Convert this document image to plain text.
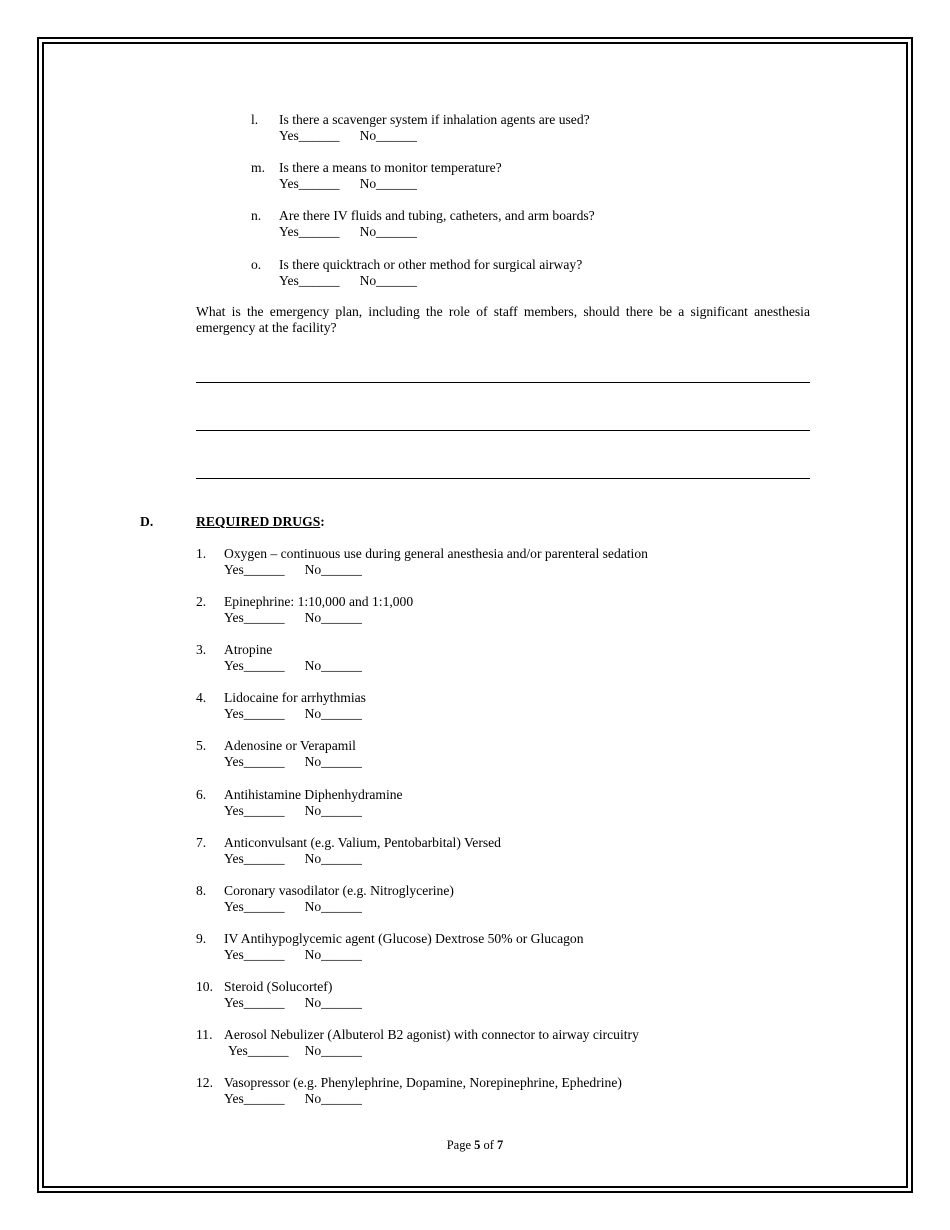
l. Is there a scavenger system if inhalation agents are used?
Yes______ No______
m. Is there a means to monitor temperature?
Yes______ No______
n. Are there IV fluids and tubing, catheters, and arm boards?
Yes______ No______
o. Is there quicktrach or other method for surgical airway?
Yes______ No______
What is the emergency plan, including the role of staff members, should there be a significant anesthesia emergency at the facility?
D.	REQUIRED DRUGS:
1. Oxygen – continuous use during general anesthesia and/or parenteral sedation
Yes______ No______
2. Epinephrine: 1:10,000 and 1:1,000
Yes______ No______
3. Atropine
Yes______ No______
4. Lidocaine for arrhythmias
Yes______ No______
5. Adenosine or Verapamil
Yes______ No______
6. Antihistamine Diphenhydramine
Yes______ No______
7. Anticonvulsant (e.g. Valium, Pentobarbital) Versed
Yes______ No______
8. Coronary vasodilator (e.g. Nitroglycerine)
Yes______ No______
9. IV Antihypoglycemic agent (Glucose) Dextrose 50% or Glucagon
Yes______ No______
10. Steroid (Solucortef)
Yes______ No______
11. Aerosol Nebulizer (Albuterol B2 agonist) with connector to airway circuitry
Yes______ No______
12. Vasopressor (e.g. Phenylephrine, Dopamine, Norepinephrine, Ephedrine)
Yes______ No______
Page 5 of 7
